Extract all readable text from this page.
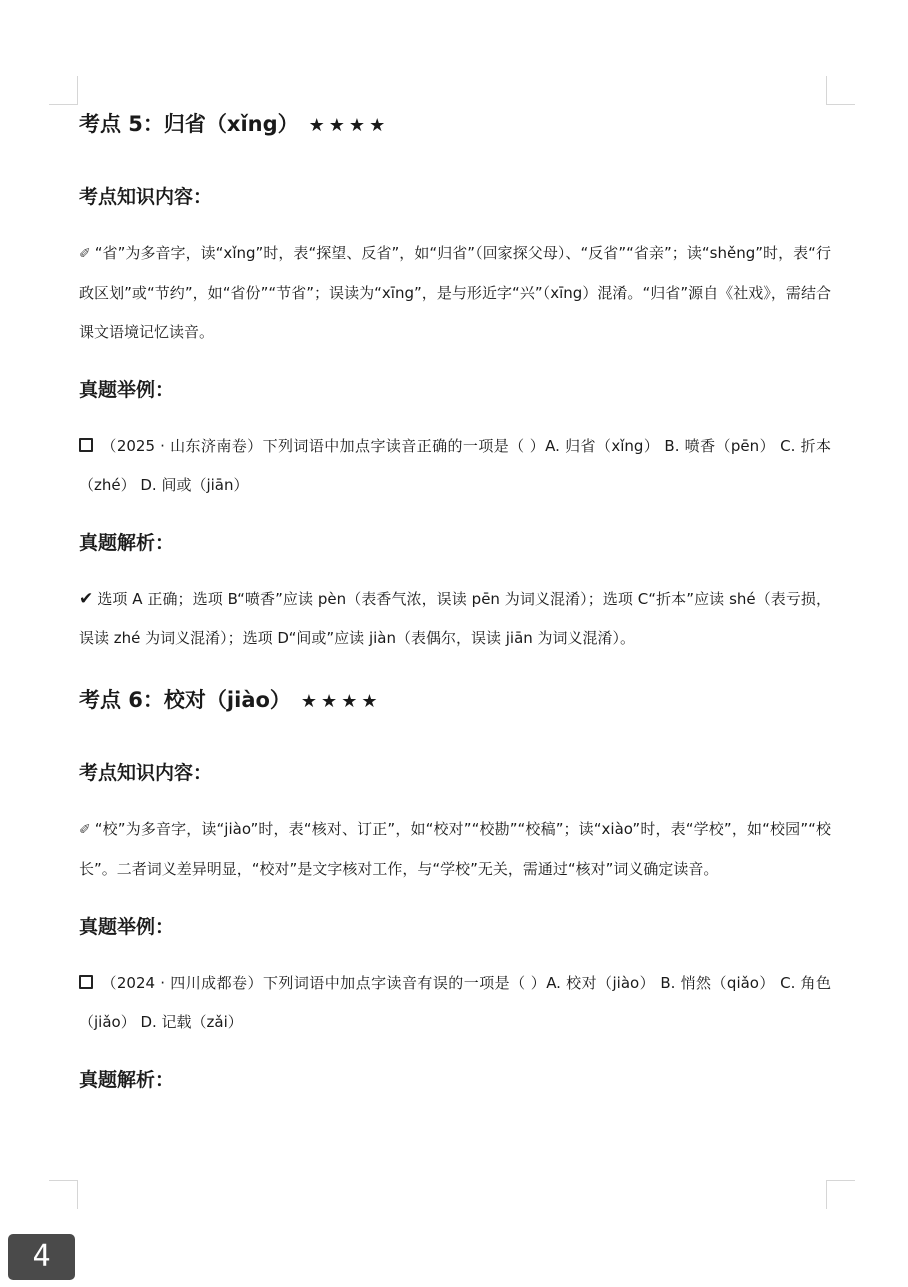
考点 5：归省（xǐng） ★★★★
考点知识内容：
✐ “省”为多音字，读“xǐng”时，表“探望、反省”，如“归省”（回家探父母）、“反省”“省亲”；读“shěng”时，表“行政区划”或“节约”，如“省份”“节省”；误读为“xīng”，是与形近字“兴”（xīng）混淆。“归省”源自《社戏》，需结合课文语境记忆读音。
真题举例：
（2025 · 山东济南卷）下列词语中加点字读音正确的一项是（ ）A. 归省（xǐng） B. 喷香（pēn） C. 折本（zhé） D. 间或（jiān）
真题解析：
✔ 选项 A 正确；选项 B“喷香”应读 pèn（表香气浓，误读 pēn 为词义混淆）；选项 C“折本”应读 shé（表亏损，误读 zhé 为词义混淆）；选项 D“间或”应读 jiàn（表偶尔，误读 jiān 为词义混淆）。
考点 6：校对（jiào） ★★★★
考点知识内容：
✐ “校”为多音字，读“jiào”时，表“核对、订正”，如“校对”“校勘”“校稿”；读“xiào”时，表“学校”，如“校园”“校长”。二者词义差异明显，“校对”是文字核对工作，与“学校”无关，需通过“核对”词义确定读音。
真题举例：
（2024 · 四川成都卷）下列词语中加点字读音有误的一项是（ ）A. 校对（jiào） B. 悄然（qiǎo） C. 角色（jiǎo） D. 记载（zǎi）
真题解析：
4
